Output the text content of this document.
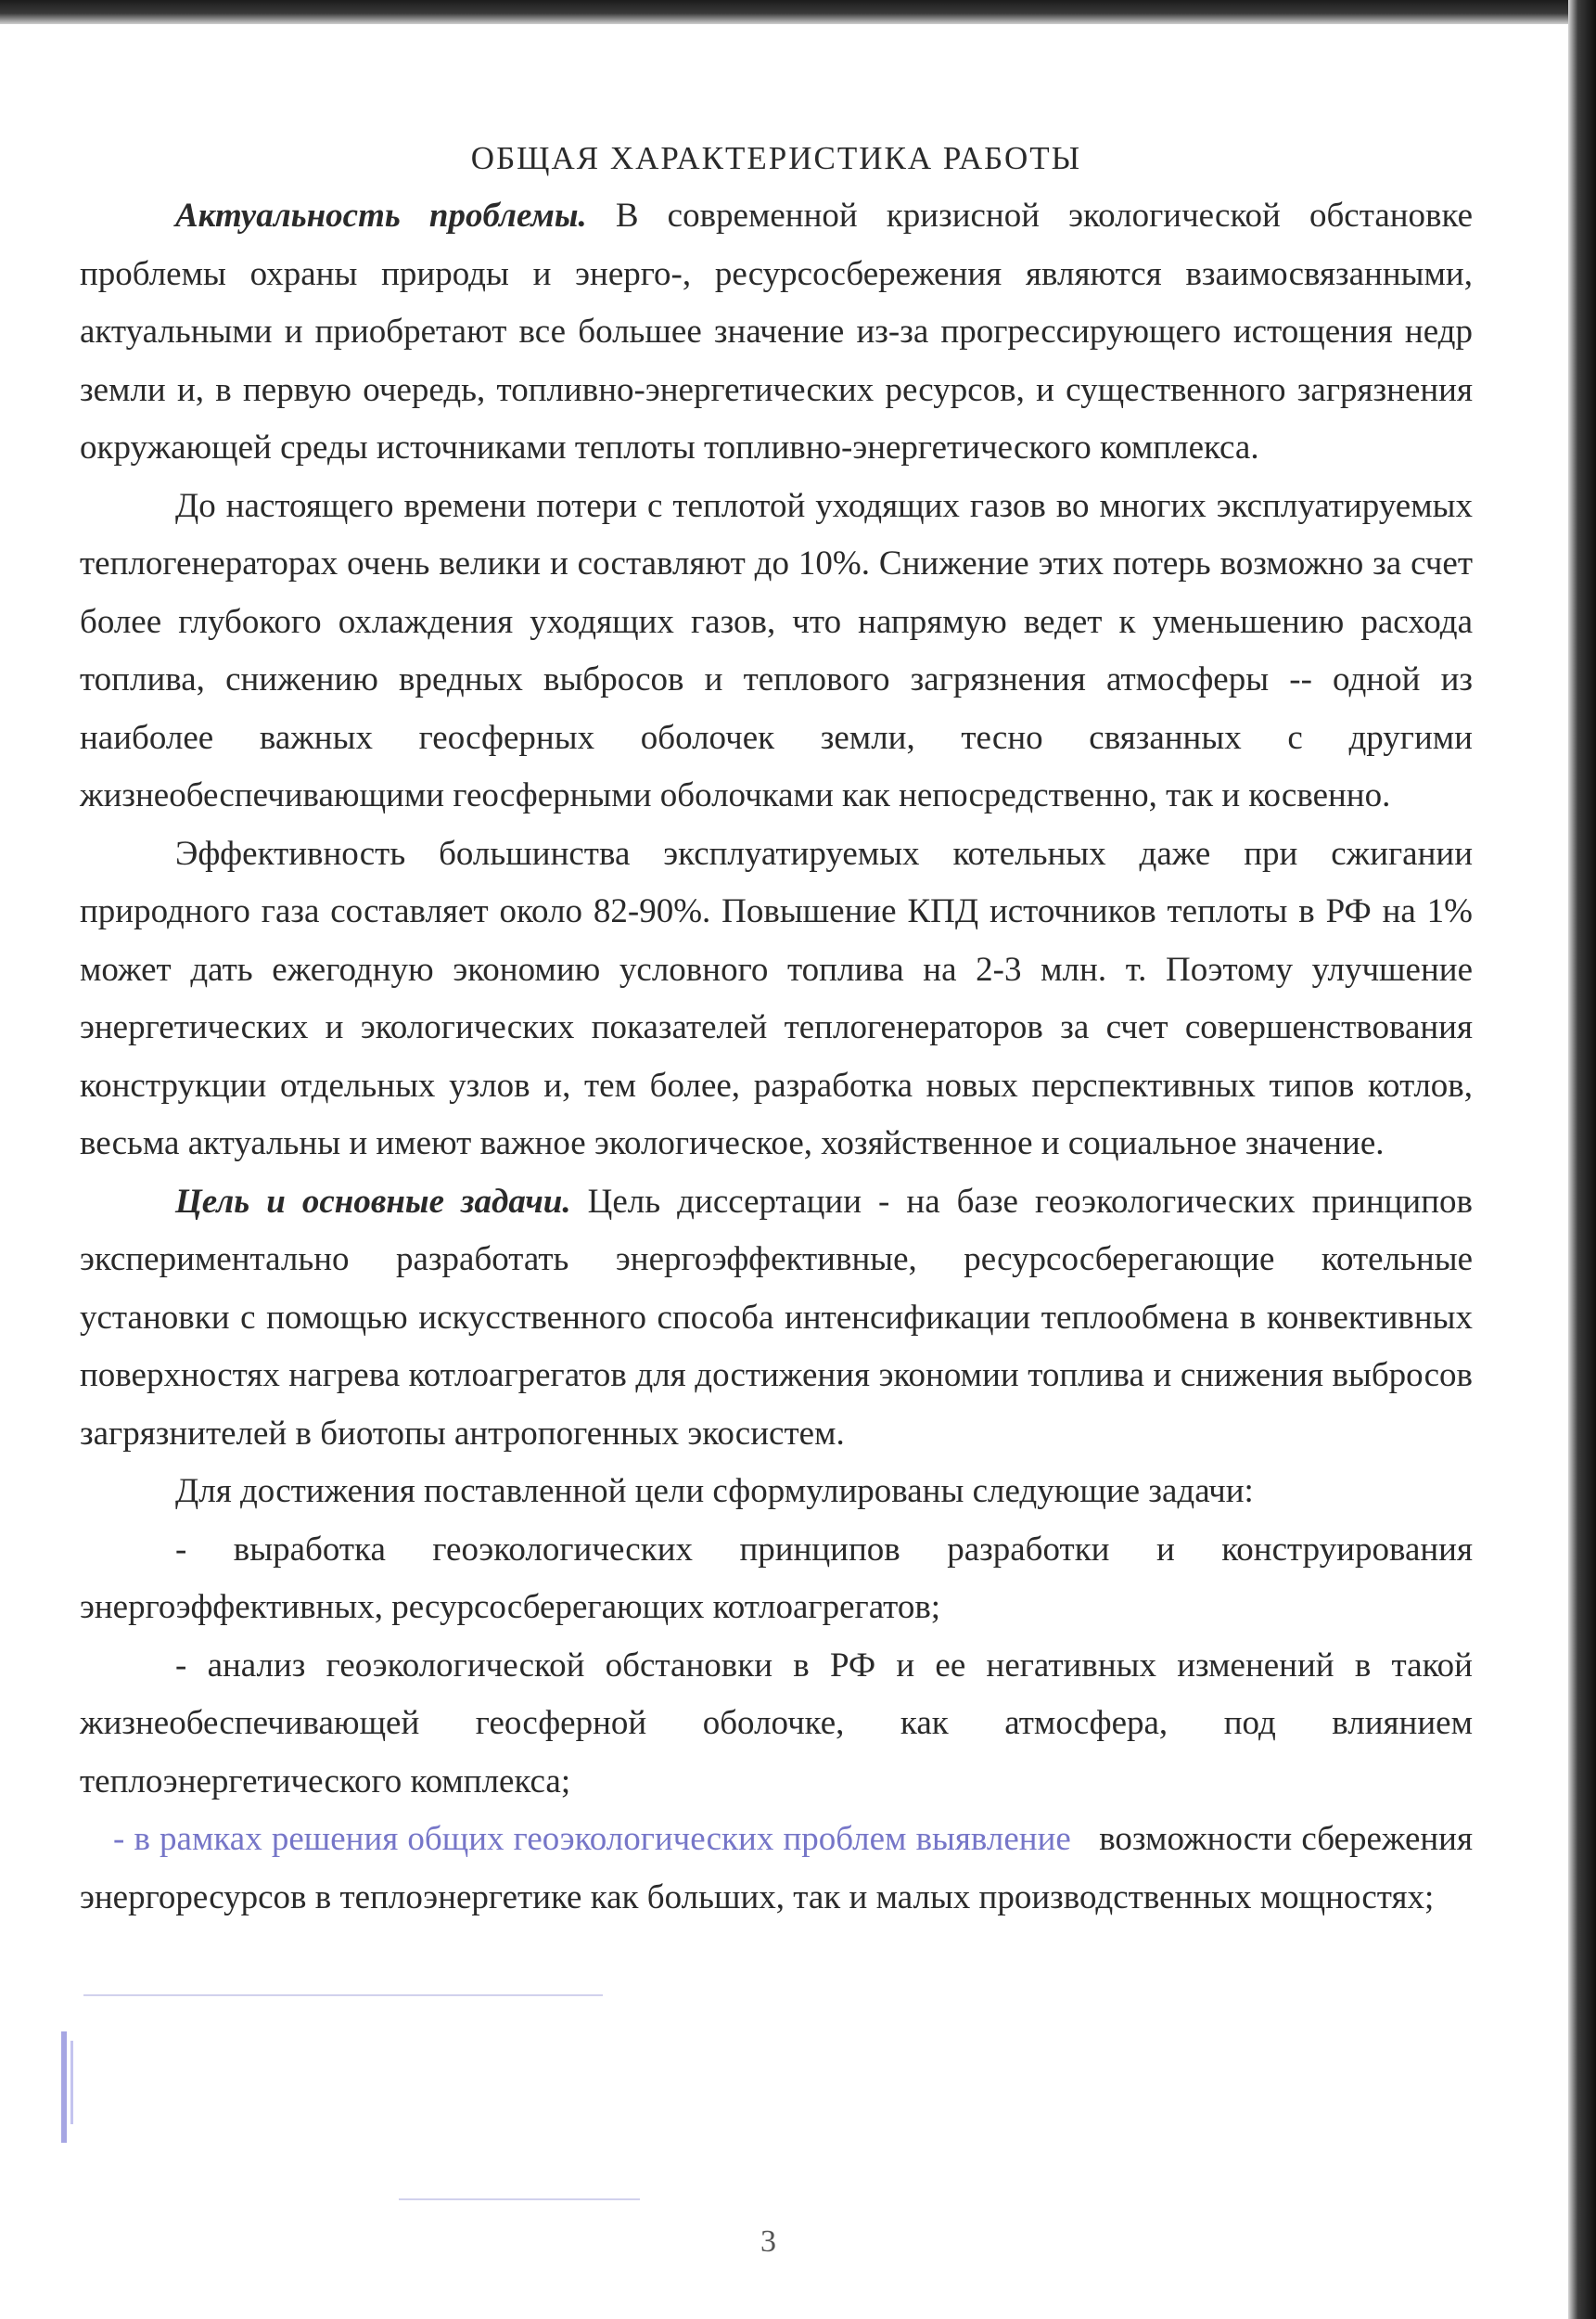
ОБЩАЯ ХАРАКТЕРИСТИКА РАБОТЫ

Актуальность проблемы. В современной кризисной экологической обстановке проблемы охраны природы и энерго-, ресурсосбережения являются взаимосвязанными, актуальными и приобретают все большее значение из-за прогрессирующего истощения недр земли и, в первую очередь, топливно-энергетических ресурсов, и существенного загрязнения окружающей среды источниками теплоты топливно-энергетического комплекса.

До настоящего времени потери с теплотой уходящих газов во многих эксплуатируемых теплогенераторах очень велики и составляют до 10%. Снижение этих потерь возможно за счет более глубокого охлаждения уходящих газов, что напрямую ведет к уменьшению расхода топлива, снижению вредных выбросов и теплового загрязнения атмосферы -- одной из наиболее важных геосферных оболочек земли, тесно связанных с другими жизнеобеспечивающими геосферными оболочками как непосредственно, так и косвенно.

Эффективность большинства эксплуатируемых котельных даже при сжигании природного газа составляет около 82-90%. Повышение КПД источников теплоты в РФ на 1% может дать ежегодную экономию условного топлива на 2-3 млн. т. Поэтому улучшение энергетических и экологических показателей теплогенераторов за счет совершенствования конструкции отдельных узлов и, тем более, разработка новых перспективных типов котлов, весьма актуальны и имеют важное экологическое, хозяйственное и социальное значение.

Цель и основные задачи. Цель диссертации - на базе геоэкологических принципов экспериментально разработать энергоэффективные, ресурсосберегающие котельные установки с помощью искусственного способа интенсификации теплообмена в конвективных поверхностях нагрева котлоагрегатов для достижения экономии топлива и снижения выбросов загрязнителей в биотопы антропогенных экосистем.

Для достижения поставленной цели сформулированы следующие задачи:

- выработка геоэкологических принципов разработки и конструирования энергоэффективных, ресурсосберегающих котлоагрегатов;

- анализ геоэкологической обстановки в РФ и ее негативных изменений в такой жизнеобеспечивающей геосферной оболочке, как атмосфера, под влиянием теплоэнергетического комплекса;

- в рамках решения общих геоэкологических проблем выявление возможности сбережения энергоресурсов в теплоэнергетике как больших, так и малых производственных мощностях;

3
